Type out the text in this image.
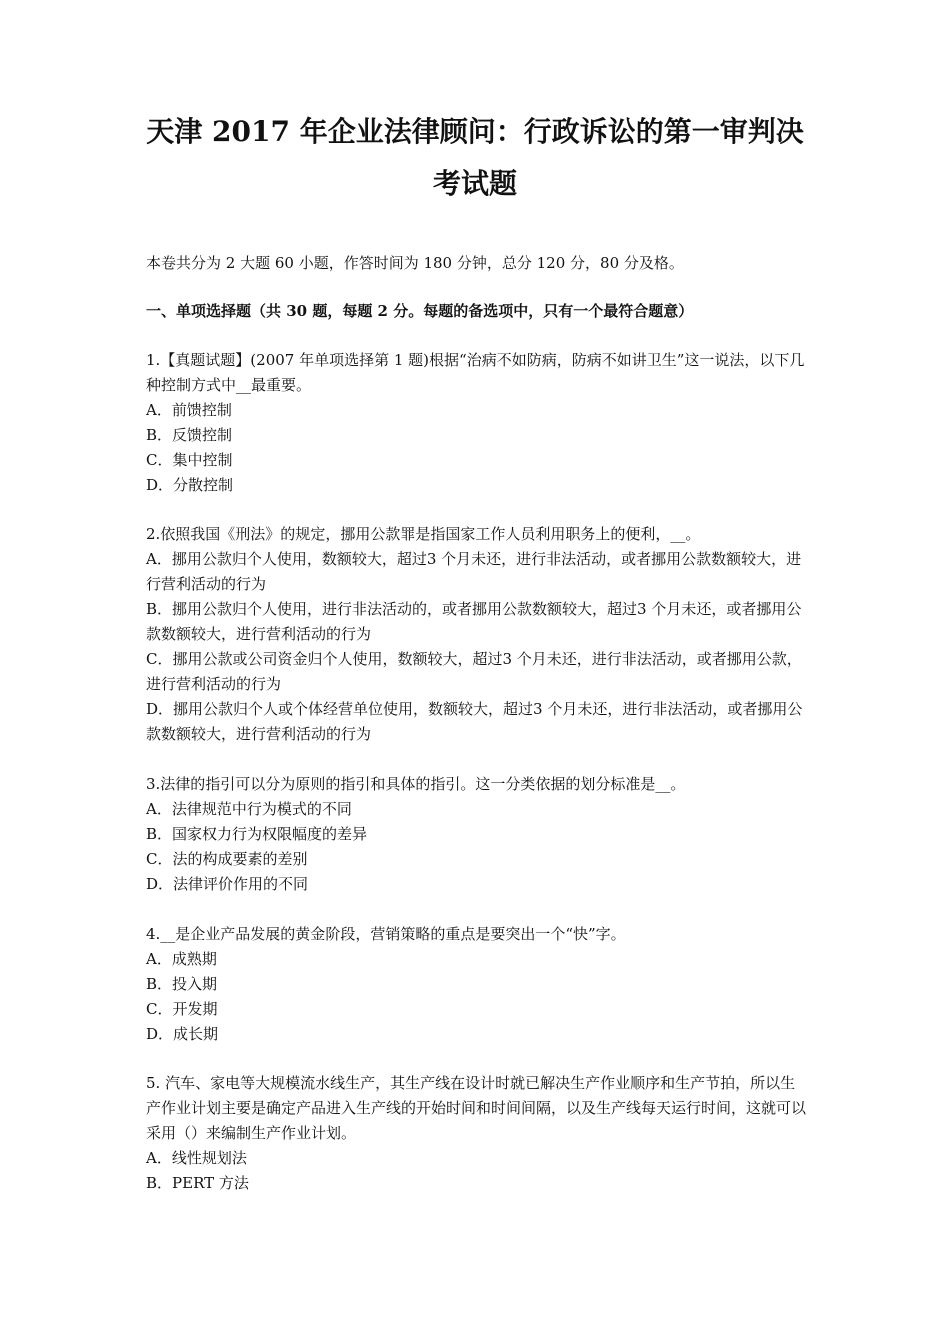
天津 2017 年企业法律顾问：行政诉讼的第一审判决
考试题
本卷共分为 2 大题 60 小题，作答时间为 180 分钟，总分 120 分，80 分及格。
一、单项选择题（共 30 题，每题 2 分。每题的备选项中，只有一个最符合题意）
1.【真题试题】(2007 年单项选择第 1 题)根据“治病不如防病，防病不如讲卫生”这一说法，以下几种控制方式中__最重要。
A．前馈控制
B．反馈控制
C．集中控制
D．分散控制
2.依照我国《刑法》的规定，挪用公款罪是指国家工作人员利用职务上的便利，__。
A．挪用公款归个人使用，数额较大，超过3 个月未还，进行非法活动，或者挪用公款数额较大，进行营利活动的行为
B．挪用公款归个人使用，进行非法活动的，或者挪用公款数额较大，超过3 个月未还，或者挪用公款数额较大，进行营利活动的行为
C．挪用公款或公司资金归个人使用，数额较大，超过3 个月未还，进行非法活动，或者挪用公款，进行营利活动的行为
D．挪用公款归个人或个体经营单位使用，数额较大，超过3 个月未还，进行非法活动，或者挪用公款数额较大，进行营利活动的行为
3.法律的指引可以分为原则的指引和具体的指引。这一分类依据的划分标准是__。
A．法律规范中行为模式的不同
B．国家权力行为权限幅度的差异
C．法的构成要素的差别
D．法律评价作用的不同
4.__是企业产品发展的黄金阶段，营销策略的重点是要突出一个“快”字。
A．成熟期
B．投入期
C．开发期
D．成长期
5. 汽车、家电等大规模流水线生产，其生产线在设计时就已解决生产作业顺序和生产节拍，所以生产作业计划主要是确定产品进入生产线的开始时间和时间间隔，以及生产线每天运行时间，这就可以采用（）来编制生产作业计划。
A．线性规划法
B．PERT 方法
